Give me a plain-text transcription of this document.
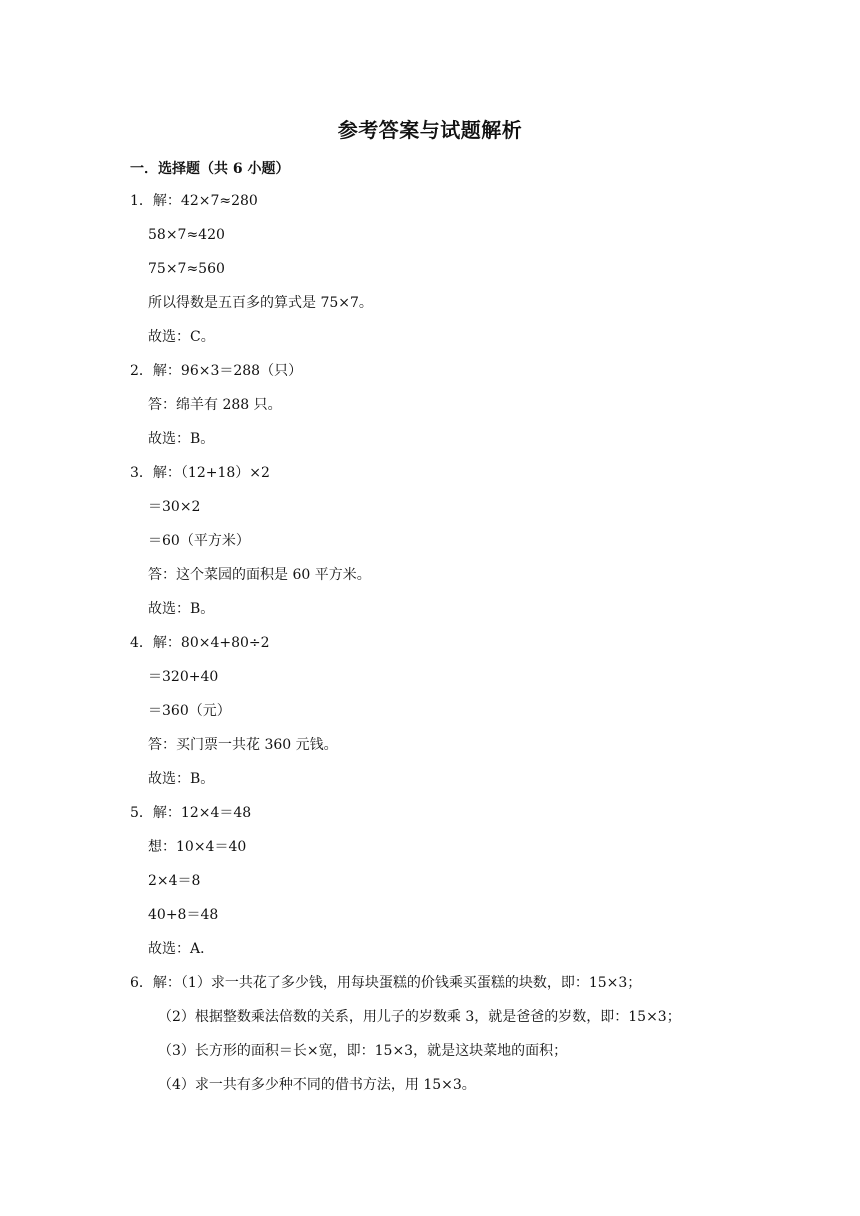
参考答案与试题解析
一．选择题（共 6 小题）
1．解：42×7≈280
58×7≈420
75×7≈560
所以得数是五百多的算式是 75×7。
故选：C。
2．解：96×3＝288（只）
答：绵羊有 288 只。
故选：B。
3．解：（12+18）×2
＝30×2
＝60（平方米）
答：这个菜园的面积是 60 平方米。
故选：B。
4．解：80×4+80÷2
＝320+40
＝360（元）
答：买门票一共花 360 元钱。
故选：B。
5．解：12×4＝48
想：10×4＝40
2×4＝8
40+8＝48
故选：A．
6．解：（1）求一共花了多少钱，用每块蛋糕的价钱乘买蛋糕的块数，即：15×3；
（2）根据整数乘法倍数的关系，用儿子的岁数乘 3，就是爸爸的岁数，即：15×3；
（3）长方形的面积＝长×宽，即：15×3，就是这块菜地的面积；
（4）求一共有多少种不同的借书方法，用 15×3。
